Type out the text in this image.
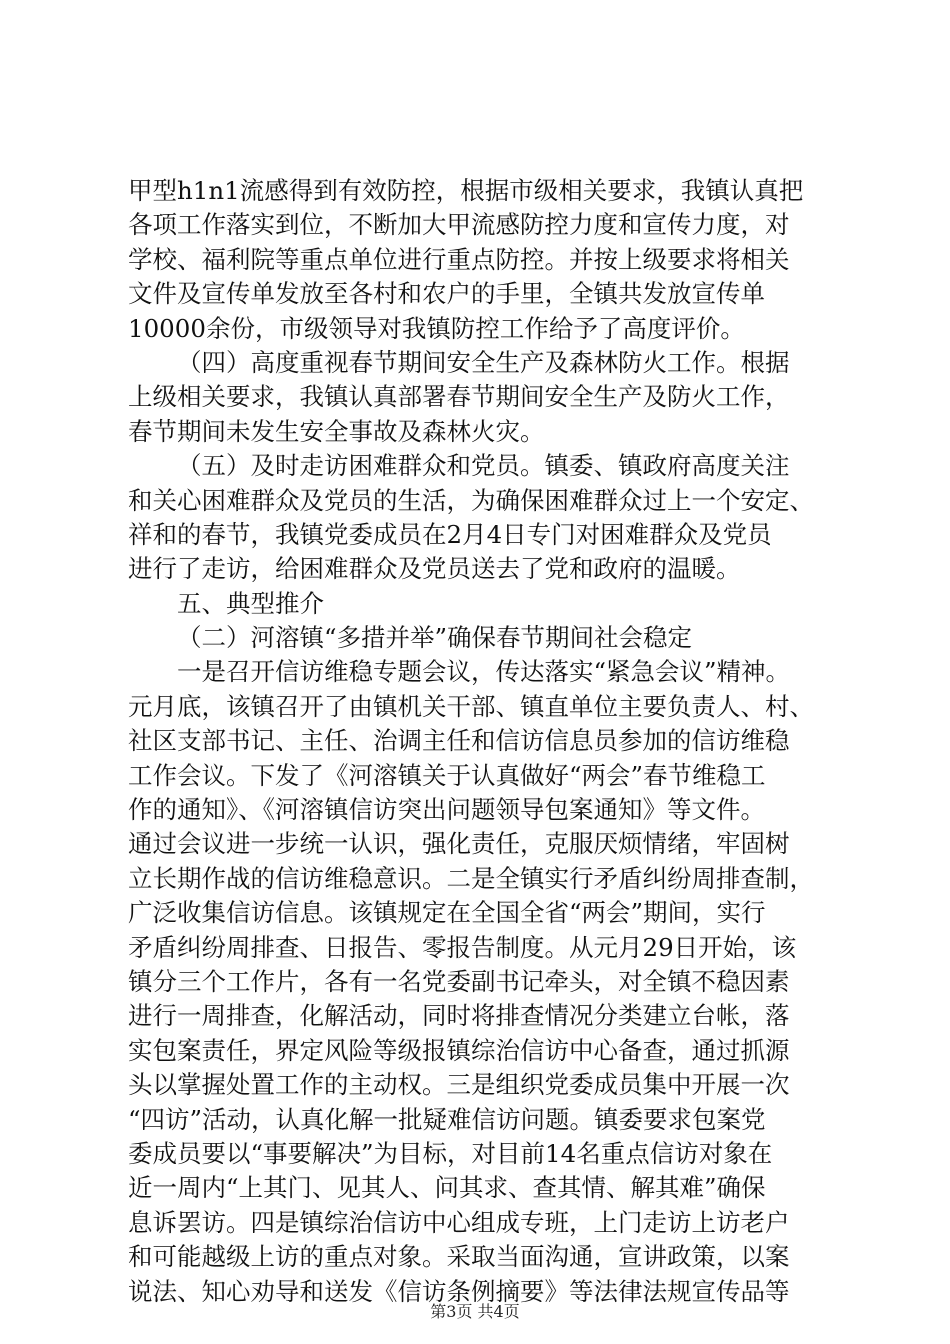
甲型h1n1流感得到有效防控，根据市级相关要求，我镇认真把
各项工作落实到位，不断加大甲流感防控力度和宣传力度，对
学校、福利院等重点单位进行重点防控。并按上级要求将相关
文件及宣传单发放至各村和农户的手里，全镇共发放宣传单
10000余份，市级领导对我镇防控工作给予了高度评价。
（四）高度重视春节期间安全生产及森林防火工作。根据
上级相关要求，我镇认真部署春节期间安全生产及防火工作，
春节期间未发生安全事故及森林火灾。
（五）及时走访困难群众和党员。镇委、镇政府高度关注
和关心困难群众及党员的生活，为确保困难群众过上一个安定、
祥和的春节，我镇党委成员在2月4日专门对困难群众及党员
进行了走访，给困难群众及党员送去了党和政府的温暖。
五、典型推介
（二）河溶镇“多措并举”确保春节期间社会稳定
一是召开信访维稳专题会议，传达落实“紧急会议”精神。
元月底，该镇召开了由镇机关干部、镇直单位主要负责人、村、
社区支部书记、主任、治调主任和信访信息员参加的信访维稳
工作会议。下发了《河溶镇关于认真做好“两会”春节维稳工
作的通知》、《河溶镇信访突出问题领导包案通知》等文件。
通过会议进一步统一认识，强化责任，克服厌烦情绪，牢固树
立长期作战的信访维稳意识。二是全镇实行矛盾纠纷周排查制，
广泛收集信访信息。该镇规定在全国全省“两会”期间，实行
矛盾纠纷周排查、日报告、零报告制度。从元月29日开始，该
镇分三个工作片，各有一名党委副书记牵头，对全镇不稳因素
进行一周排查，化解活动，同时将排查情况分类建立台帐，落
实包案责任，界定风险等级报镇综治信访中心备查，通过抓源
头以掌握处置工作的主动权。三是组织党委成员集中开展一次
“四访”活动，认真化解一批疑难信访问题。镇委要求包案党
委成员要以“事要解决”为目标，对目前14名重点信访对象在
近一周内“上其门、见其人、问其求、查其情、解其难”确保
息诉罢访。四是镇综治信访中心组成专班，上门走访上访老户
和可能越级上访的重点对象。采取当面沟通，宣讲政策，以案
说法、知心劝导和送发《信访条例摘要》等法律法规宣传品等
第3页 共4页
